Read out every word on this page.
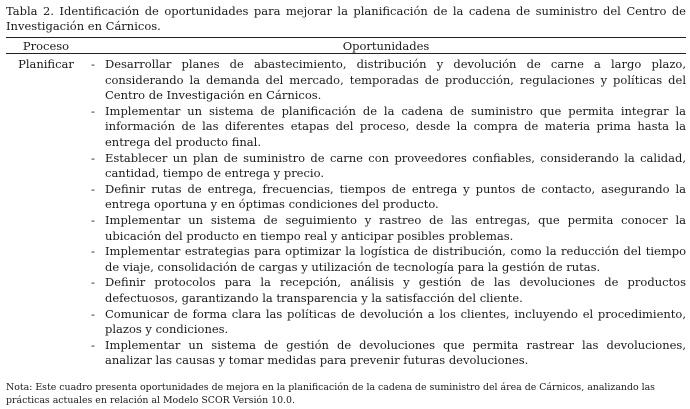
Tabla 2. Identificación de oportunidades para mejorar la planificación de la cadena de suministro del Centro de Investigación en Cárnicos.
Proceso	Oportunidades
Planificar	- Desarrollar planes de abastecimiento, distribución y devolución de carne a largo plazo, considerando la demanda del mercado, temporadas de producción, regulaciones y políticas del Centro de Investigación en Cárnicos.
- Implementar un sistema de planificación de la cadena de suministro que permita integrar la información de las diferentes etapas del proceso, desde la compra de materia prima hasta la entrega del producto final.
- Establecer un plan de suministro de carne con proveedores confiables, considerando la calidad, cantidad, tiempo de entrega y precio.
- Definir rutas de entrega, frecuencias, tiempos de entrega y puntos de contacto, asegurando la entrega oportuna y en óptimas condiciones del producto.
- Implementar un sistema de seguimiento y rastreo de las entregas, que permita conocer la ubicación del producto en tiempo real y anticipar posibles problemas.
- Implementar estrategias para optimizar la logística de distribución, como la reducción del tiempo de viaje, consolidación de cargas y utilización de tecnología para la gestión de rutas.
- Definir protocolos para la recepción, análisis y gestión de las devoluciones de productos defectuosos, garantizando la transparencia y la satisfacción del cliente.
- Comunicar de forma clara las políticas de devolución a los clientes, incluyendo el procedimiento, plazos y condiciones.
- Implementar un sistema de gestión de devoluciones que permita rastrear las devoluciones, analizar las causas y tomar medidas para prevenir futuras devoluciones.
Nota: Este cuadro presenta oportunidades de mejora en la planificación de la cadena de suministro del área de Cárnicos, analizando las prácticas actuales en relación al Modelo SCOR Versión 10.0.
